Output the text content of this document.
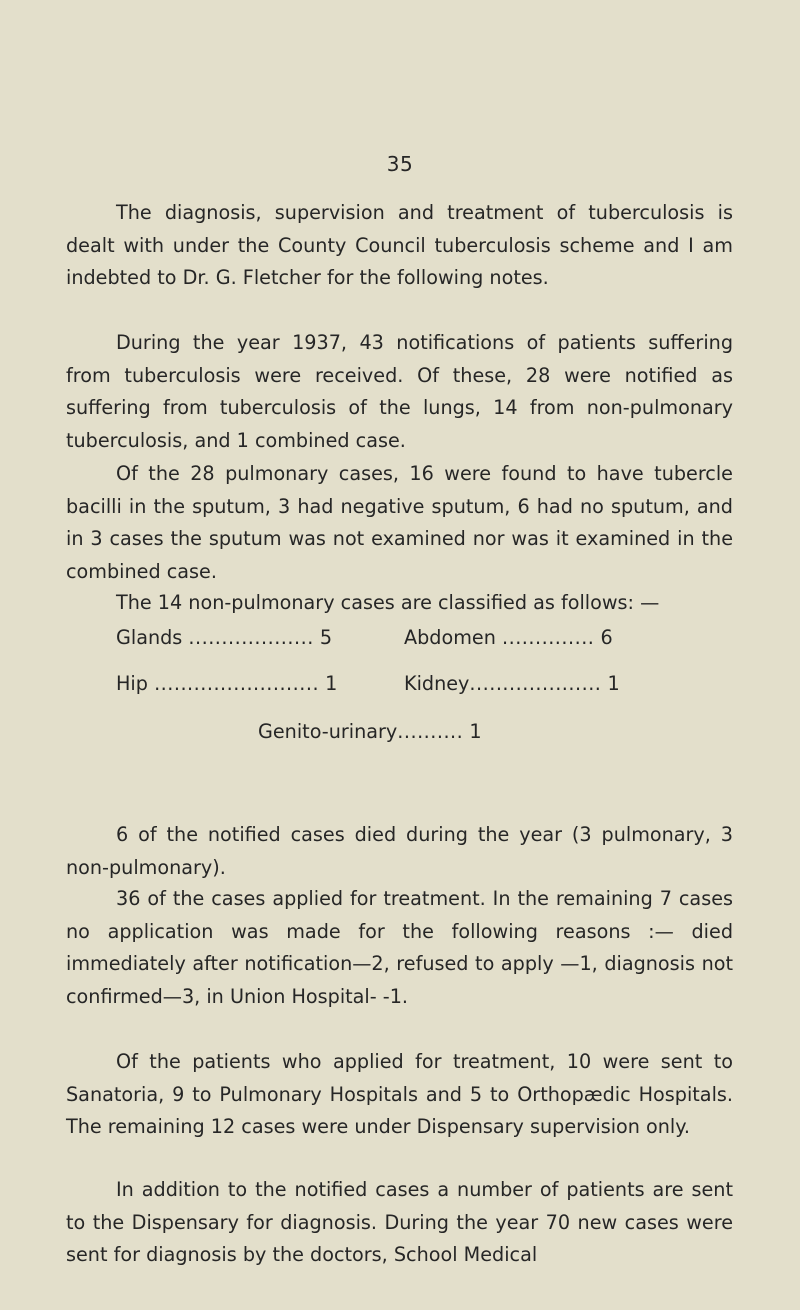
35

The diagnosis, supervision and treatment of tuberculosis is dealt with under the County Council tuberculosis scheme and I am indebted to Dr. G. Fletcher for the following notes.

During the year 1937, 43 notifications of patients suffering from tuberculosis were received. Of these, 28 were notified as suffering from tuberculosis of the lungs, 14 from non-pulmonary tuberculosis, and 1 combined case.

Of the 28 pulmonary cases, 16 were found to have tubercle bacilli in the sputum, 3 had negative sputum, 6 had no sputum, and in 3 cases the sputum was not examined nor was it examined in the combined case.

The 14 non-pulmonary cases are classified as follows: —

Glands ................... 5	Abdomen .............. 6
Hip ......................... 1	Kidney.................... 1
Genito-urinary.......... 1

6 of the notified cases died during the year (3 pulmonary, 3 non-pulmonary).

36 of the cases applied for treatment. In the remaining 7 cases no application was made for the following reasons :— died immediately after notification—2, refused to apply —1, diagnosis not confirmed—3, in Union Hospital- -1.

Of the patients who applied for treatment, 10 were sent to Sanatoria, 9 to Pulmonary Hospitals and 5 to Orthopædic Hospitals. The remaining 12 cases were under Dispensary supervision only.

In addition to the notified cases a number of patients are sent to the Dispensary for diagnosis. During the year 70 new cases were sent for diagnosis by the doctors, School Medical
